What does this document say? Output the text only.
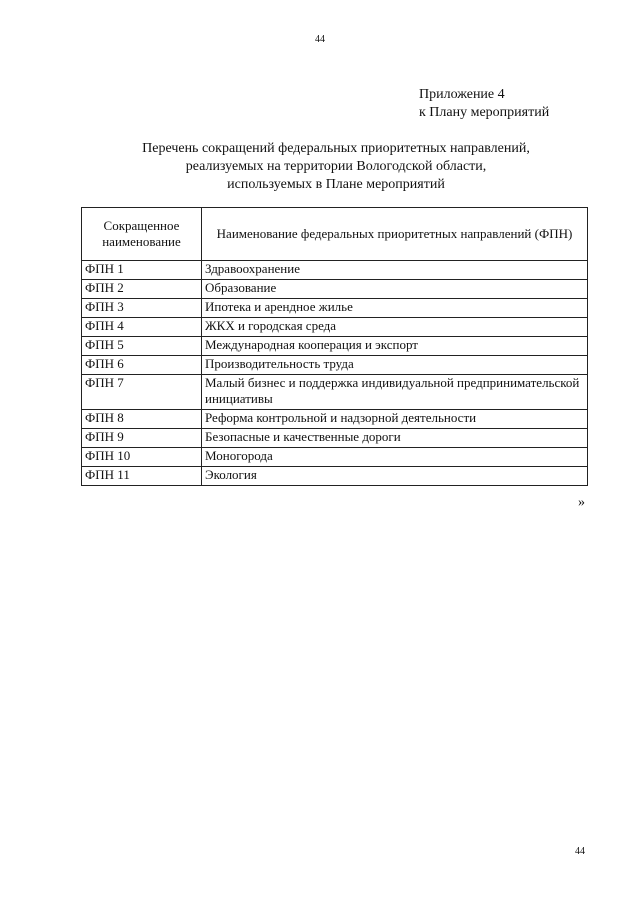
44
Приложение 4
к Плану мероприятий
Перечень сокращений федеральных приоритетных направлений,
реализуемых на территории Вологодской области,
используемых в Плане мероприятий
Сокращенное наименование	Наименование федеральных приоритетных направлений (ФПН)
ФПН 1	Здравоохранение
ФПН 2	Образование
ФПН 3	Ипотека и арендное жилье
ФПН 4	ЖКХ и городская среда
ФПН 5	Международная кооперация и экспорт
ФПН 6	Производительность труда
ФПН 7	Малый бизнес и поддержка индивидуальной предпринимательской инициативы
ФПН 8	Реформа контрольной и надзорной деятельности
ФПН 9	Безопасные и качественные дороги
ФПН 10	Моногорода
ФПН 11	Экология
»
44
